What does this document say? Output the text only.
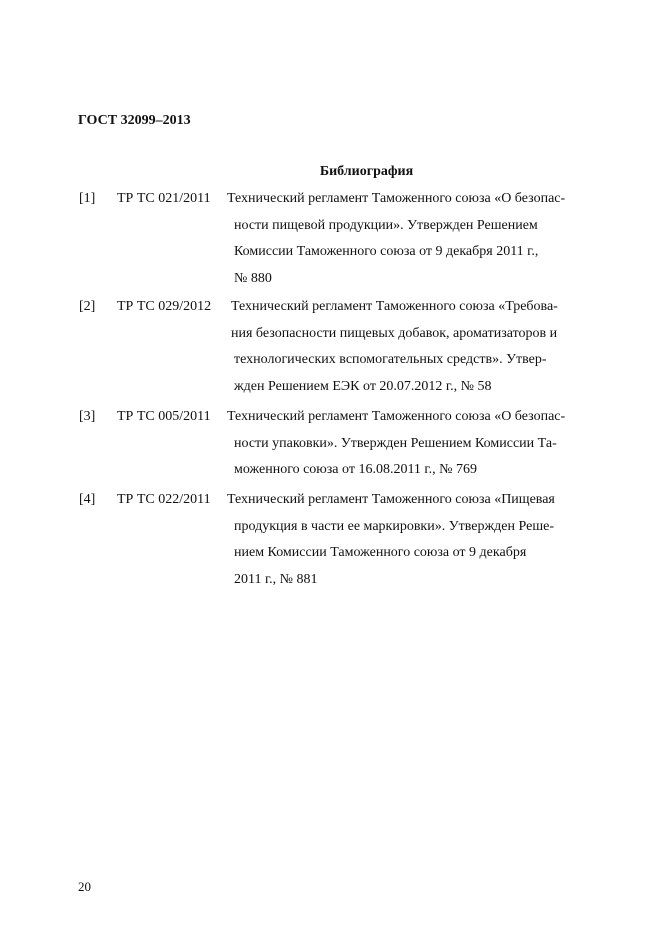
ГОСТ 32099–2013
Библиография
[1] ТР ТС 021/2011 Технический регламент Таможенного союза «О безопас-
ности пищевой продукции». Утвержден Решением
Комиссии Таможенного союза от 9 декабря 2011 г.,
№ 880
[2] ТР ТС 029/2012 Технический регламент Таможенного союза «Требова-
ния безопасности пищевых добавок, ароматизаторов и
технологических вспомогательных средств». Утвер-
жден Решением ЕЭК от 20.07.2012 г., № 58
[3] ТР ТС 005/2011 Технический регламент Таможенного союза «О безопас-
ности упаковки». Утвержден Решением Комиссии Та-
моженного союза от 16.08.2011 г., № 769
[4] ТР ТС 022/2011 Технический регламент Таможенного союза «Пищевая
продукция в части ее маркировки». Утвержден Реше-
нием Комиссии Таможенного союза от 9 декабря
2011 г., № 881
20
